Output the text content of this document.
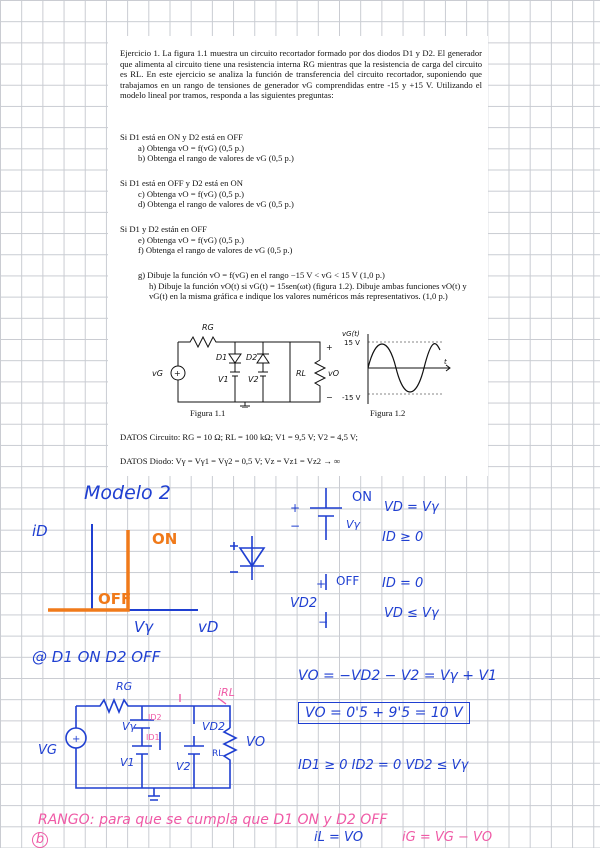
Ejercicio 1. La figura 1.1 muestra un circuito recortador formado por dos diodos D1 y D2. El generador que alimenta al circuito tiene una resistencia interna RG mientras que la resistencia de carga del circuito es RL. En este ejercicio se analiza la función de transferencia del circuito recortador, suponiendo que trabajamos en un rango de tensiones de generador vG comprendidas entre -15 y +15 V. Utilizando el modelo lineal por tramos, responda a las siguientes preguntas:

Si D1 está en ON y D2 está en OFF
a) Obtenga vO = f(vG) (0,5 p.)
b) Obtenga el rango de valores de vG (0,5 p.)
Si D1 está en OFF y D2 está en ON
c) Obtenga vO = f(vG) (0,5 p.)
d) Obtenga el rango de valores de vG (0,5 p.)
Si D1 y D2 están en OFF
e) Obtenga vO = f(vG) (0,5 p.)
f) Obtenga el rango de valores de vG (0,5 p.)
g) Dibuje la función vO = f(vG) en el rango −15 V < vG < 15 V (1,0 p.)
h) Dibuje la función vO(t) si vG(t) = 15sen(ωt) (figura 1.2). Dibuje ambas funciones vO(t) y vG(t) en la misma gráfica e indique los valores numéricos más representativos. (1,0 p.)
+
RG
vG
D1 D2
V1 V2
RL	vO
+
−
Figura 1.1
vG(t)
15 V
-15 V
t
Figura 1.2
DATOS Circuito: RG = 10 Ω; RL = 100 kΩ; V1 = 9,5 V; V2 = 4,5 V;
DATOS Diodo: Vγ = Vγ1 = Vγ2 = 0,5 V; Vz = Vz1 = Vz2 → ∞
Modelo 2
iD	ON
OFF
Vγ	vD
+
−	Vγ
ON
VD = Vγ
ID ≥ 0
+
−
OFF
VD2
ID = 0
VD ≤ Vγ
@ D1 ON D2 OFF
+
RG	iRL
VG
Vγ
ID2
ID1
VD2
RL
VO
V1	V2
VO = −VD2 − V2 = Vγ + V1
VO = 0'5 + 9'5 = 10 V
ID1 ≥ 0 ID2 = 0 VD2 ≤ Vγ
RANGO: para que se cumpla que D1 ON y D2 OFF
b	iL = VO	iG = VG − VO
